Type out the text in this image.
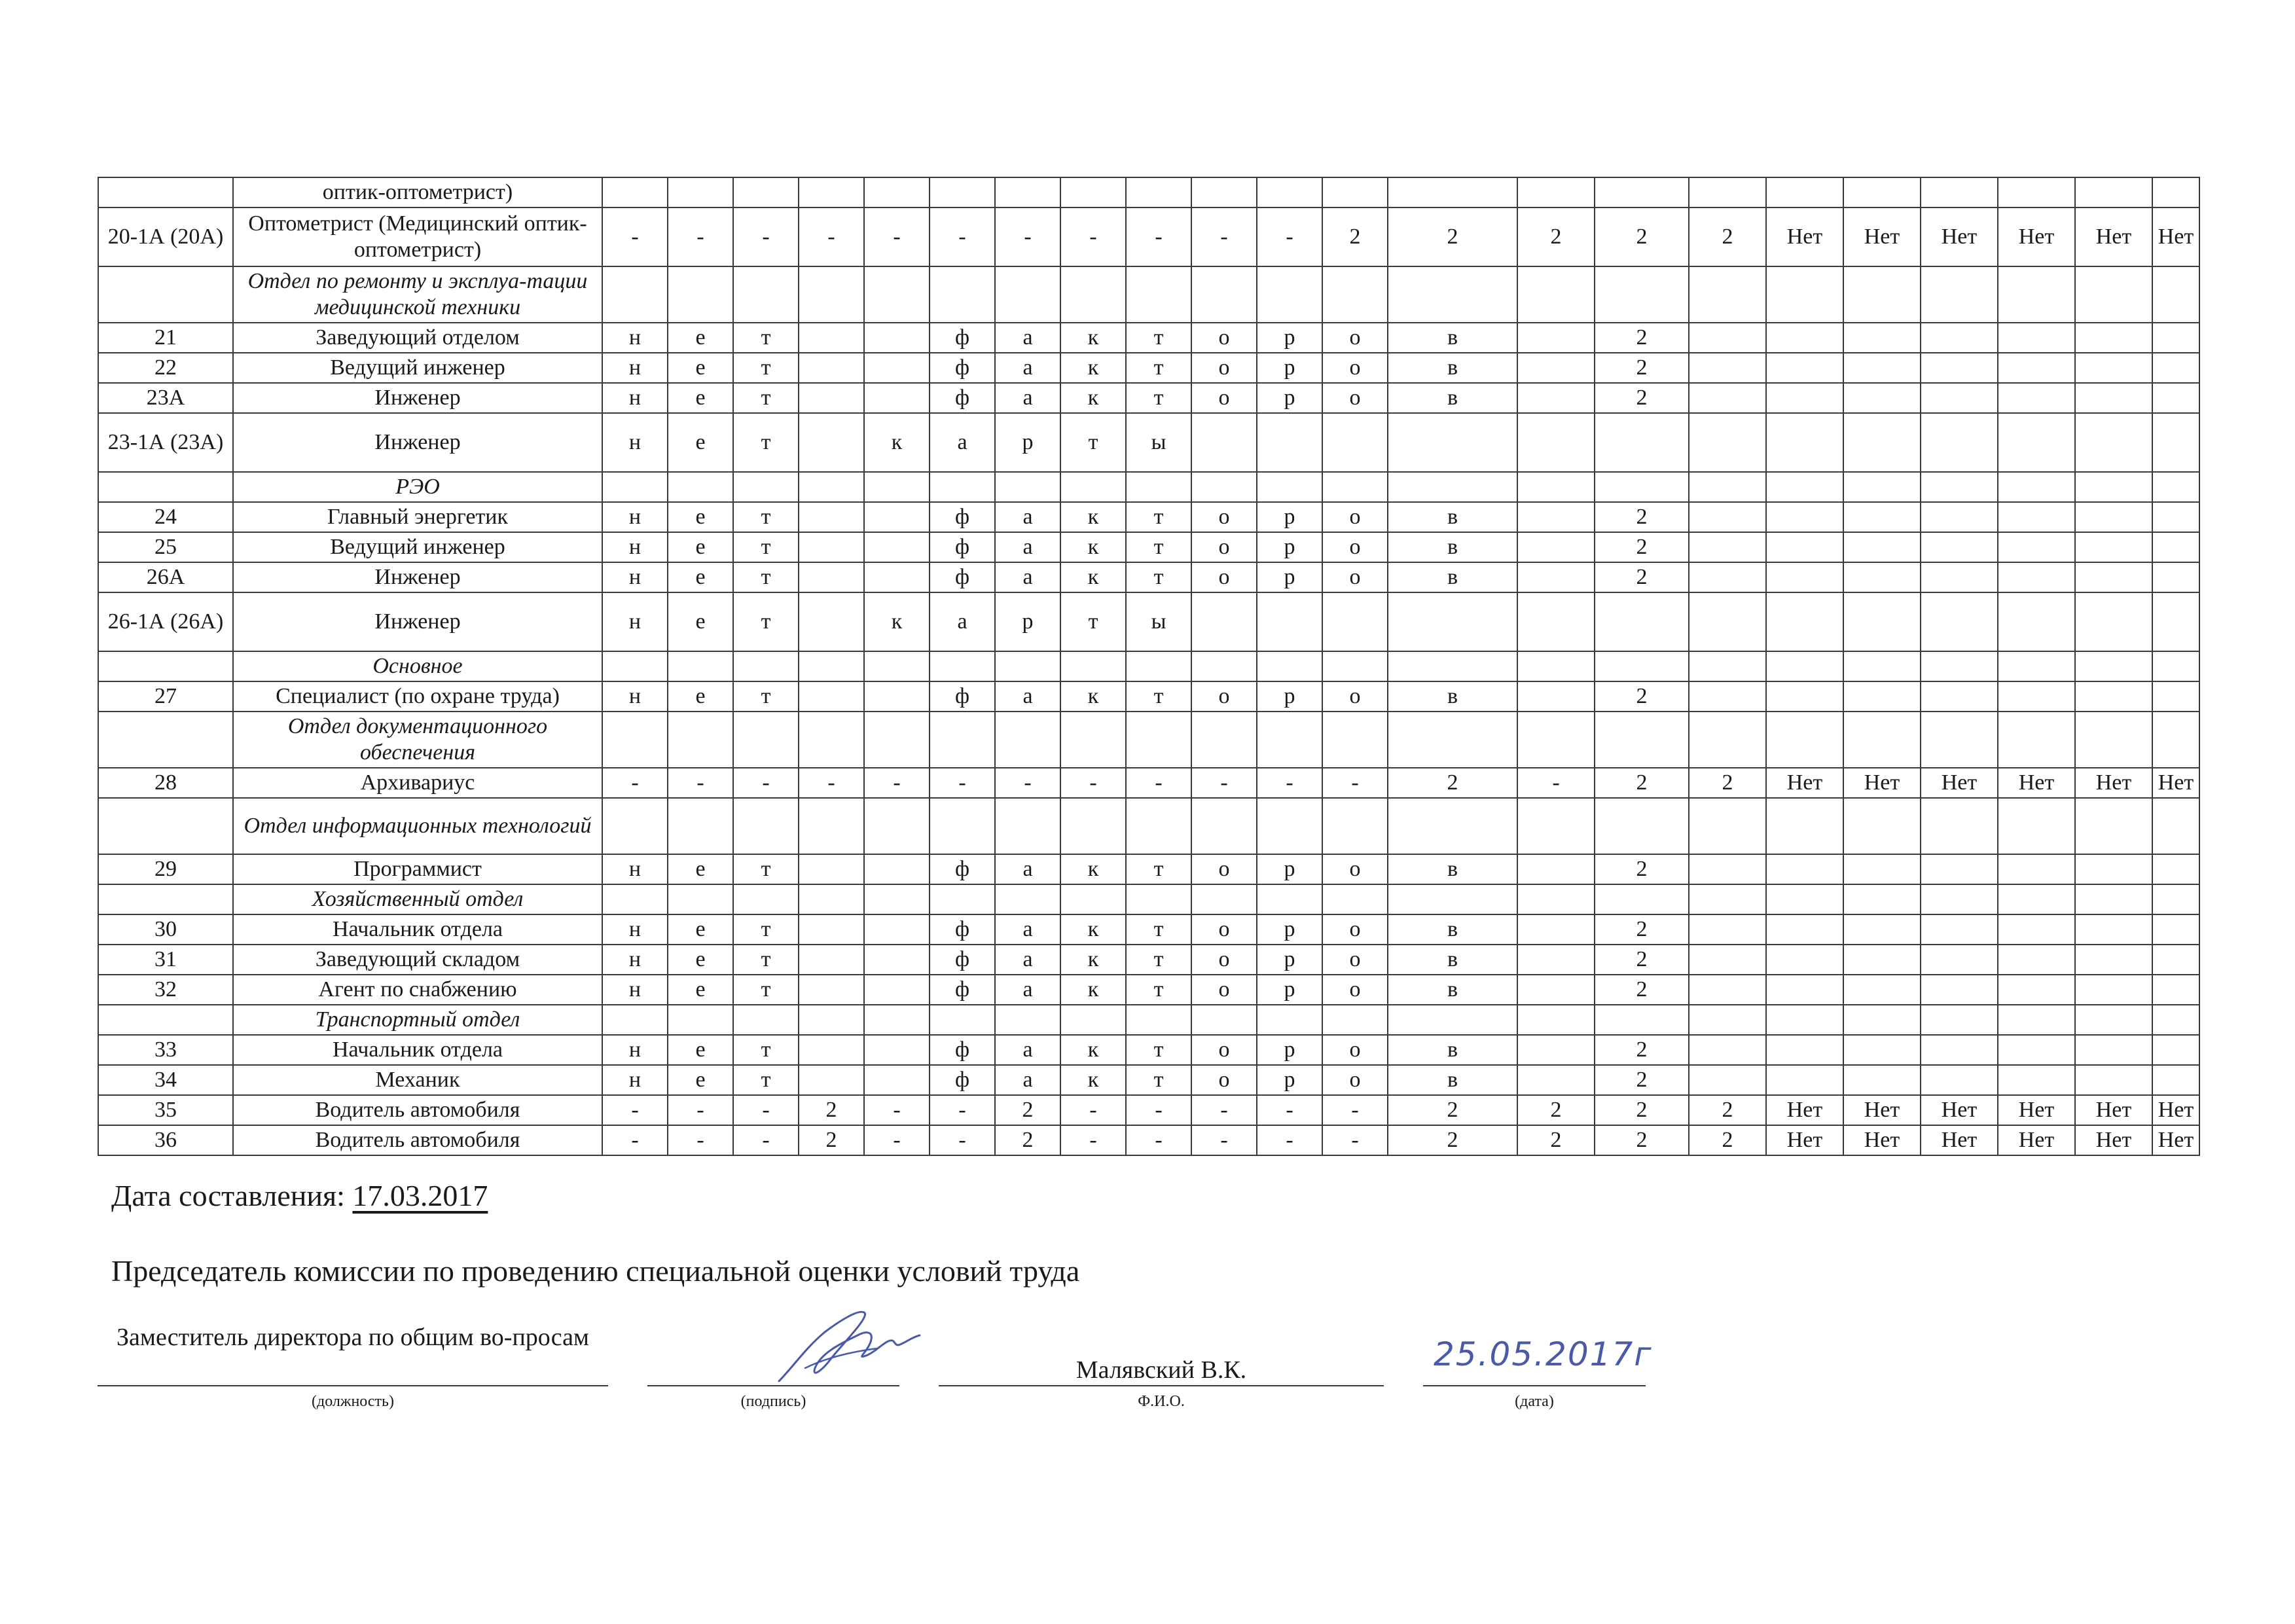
	оптик-оптометрист)																						
20-1А (20А)	Оптометрист (Медицинский оптик-оптометрист)	-	-	-	-	-	-	-	-	-	-	-	2	2	2	2	2	Нет	Нет	Нет	Нет	Нет	Нет
	Отдел по ремонту и эксплуа-тации медицинской техники																						
21	Заведующий отделом	н	е	т			ф	а	к	т	о	р	о	в		2							
22	Ведущий инженер	н	е	т			ф	а	к	т	о	р	о	в		2							
23А	Инженер	н	е	т			ф	а	к	т	о	р	о	в		2							
23-1А (23А)	Инженер	н	е	т		к	а	р	т	ы													
	РЭО																						
24	Главный энергетик	н	е	т			ф	а	к	т	о	р	о	в		2							
25	Ведущий инженер	н	е	т			ф	а	к	т	о	р	о	в		2							
26А	Инженер	н	е	т			ф	а	к	т	о	р	о	в		2							
26-1А (26А)	Инженер	н	е	т		к	а	р	т	ы													
	Основное																						
27	Специалист (по охране труда)	н	е	т			ф	а	к	т	о	р	о	в		2							
	Отдел документационного обеспечения																						
28	Архивариус	-	-	-	-	-	-	-	-	-	-	-	-	2	-	2	2	Нет	Нет	Нет	Нет	Нет	Нет
	Отдел информационных технологий																						
29	Программист	н	е	т			ф	а	к	т	о	р	о	в		2							
	Хозяйственный отдел																						
30	Начальник отдела	н	е	т			ф	а	к	т	о	р	о	в		2							
31	Заведующий складом	н	е	т			ф	а	к	т	о	р	о	в		2							
32	Агент по снабжению	н	е	т			ф	а	к	т	о	р	о	в		2							
	Транспортный отдел																						
33	Начальник отдела	н	е	т			ф	а	к	т	о	р	о	в		2							
34	Механик	н	е	т			ф	а	к	т	о	р	о	в		2							
35	Водитель автомобиля	-	-	-	2	-	-	2	-	-	-	-	-	2	2	2	2	Нет	Нет	Нет	Нет	Нет	Нет
36	Водитель автомобиля	-	-	-	2	-	-	2	-	-	-	-	-	2	2	2	2	Нет	Нет	Нет	Нет	Нет	Нет
Дата составления: 17.03.2017
Председатель комиссии по проведению специальной оценки условий труда
Заместитель директора по общим во-просам
(должность)	(подпись)
Малявский В.К.
Ф.И.О.
25.05.2017г
(дата)
